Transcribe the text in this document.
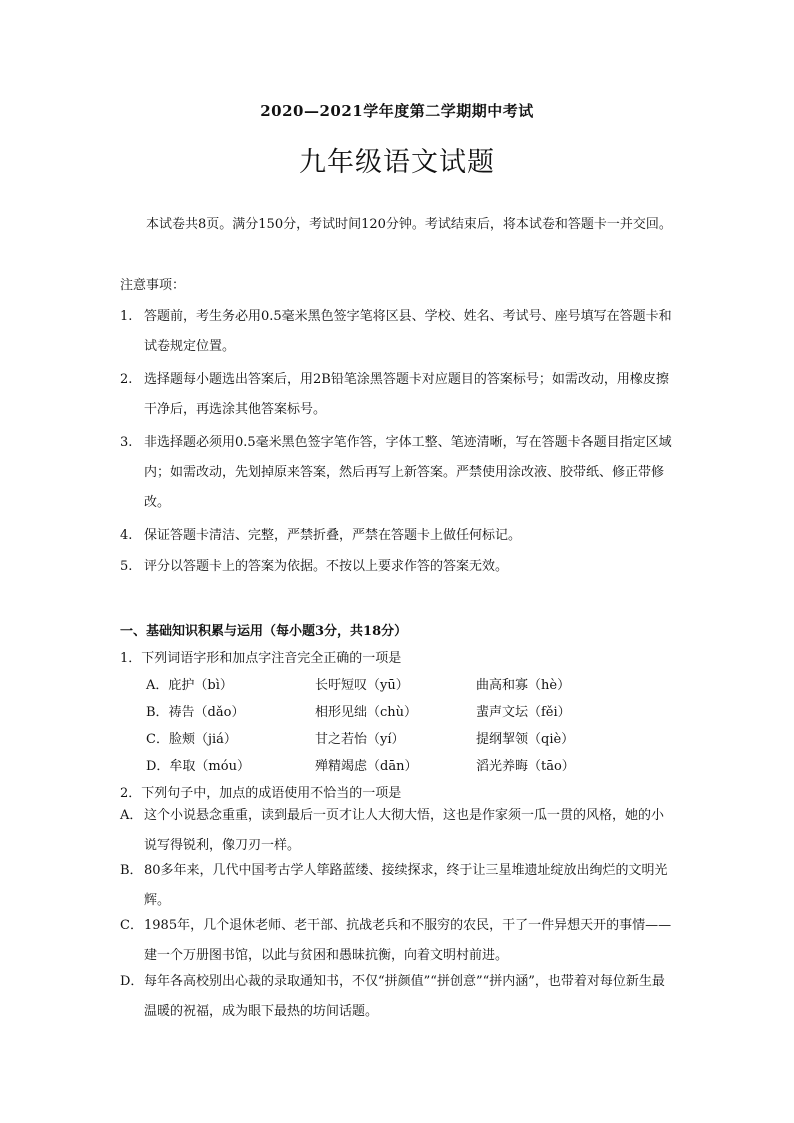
2020—2021学年度第二学期期中考试
九年级语文试题
本试卷共8页。满分150分，考试时间120分钟。考试结束后，将本试卷和答题卡一并交回。
注意事项：
1. 答题前，考生务必用0.5毫米黑色签字笔将区县、学校、姓名、考试号、座号填写在答题卡和试卷规定位置。
2. 选择题每小题选出答案后，用2B铅笔涂黑答题卡对应题目的答案标号；如需改动，用橡皮擦干净后，再选涂其他答案标号。
3. 非选择题必须用0.5毫米黑色签字笔作答，字体工整、笔迹清晰，写在答题卡各题目指定区域内；如需改动，先划掉原来答案，然后再写上新答案。严禁使用涂改液、胶带纸、修正带修改。
4. 保证答题卡清洁、完整，严禁折叠，严禁在答题卡上做任何标记。
5. 评分以答题卡上的答案为依据。不按以上要求作答的答案无效。
一、基础知识积累与运用（每小题3分，共18分）
1．下列词语字形和加点字注音完全正确的一项是
A．庇护（bì）	长吁短叹（yū）	曲高和寡（hè）
B．祷告（dǎo）	相形见绌（chù）	蜚声文坛（fěi）
C．脸颊（jiá）	甘之若怡（yí）	提纲挈领（qiè）
D．牟取（móu）	殚精竭虑（dān）	滔光养晦（tāo）
2．下列句子中，加点的成语使用不恰当的一项是
A． 这个小说悬念重重，读到最后一页才让人大彻大悟，这也是作家须一瓜一贯的风格，她的小说写得锐利，像刀刃一样。
B． 80多年来，几代中国考古学人筚路蓝缕、接续探求，终于让三星堆遗址绽放出绚烂的文明光辉。
C． 1985年，几个退休老师、老干部、抗战老兵和不服穷的农民，干了一件异想天开的事情——建一个万册图书馆，以此与贫困和愚昧抗衡，向着文明村前进。
D． 每年各高校别出心裁的录取通知书，不仅“拼颜值”“拼创意”“拼内涵”，也带着对每位新生最温暖的祝福，成为眼下最热的坊间话题。
